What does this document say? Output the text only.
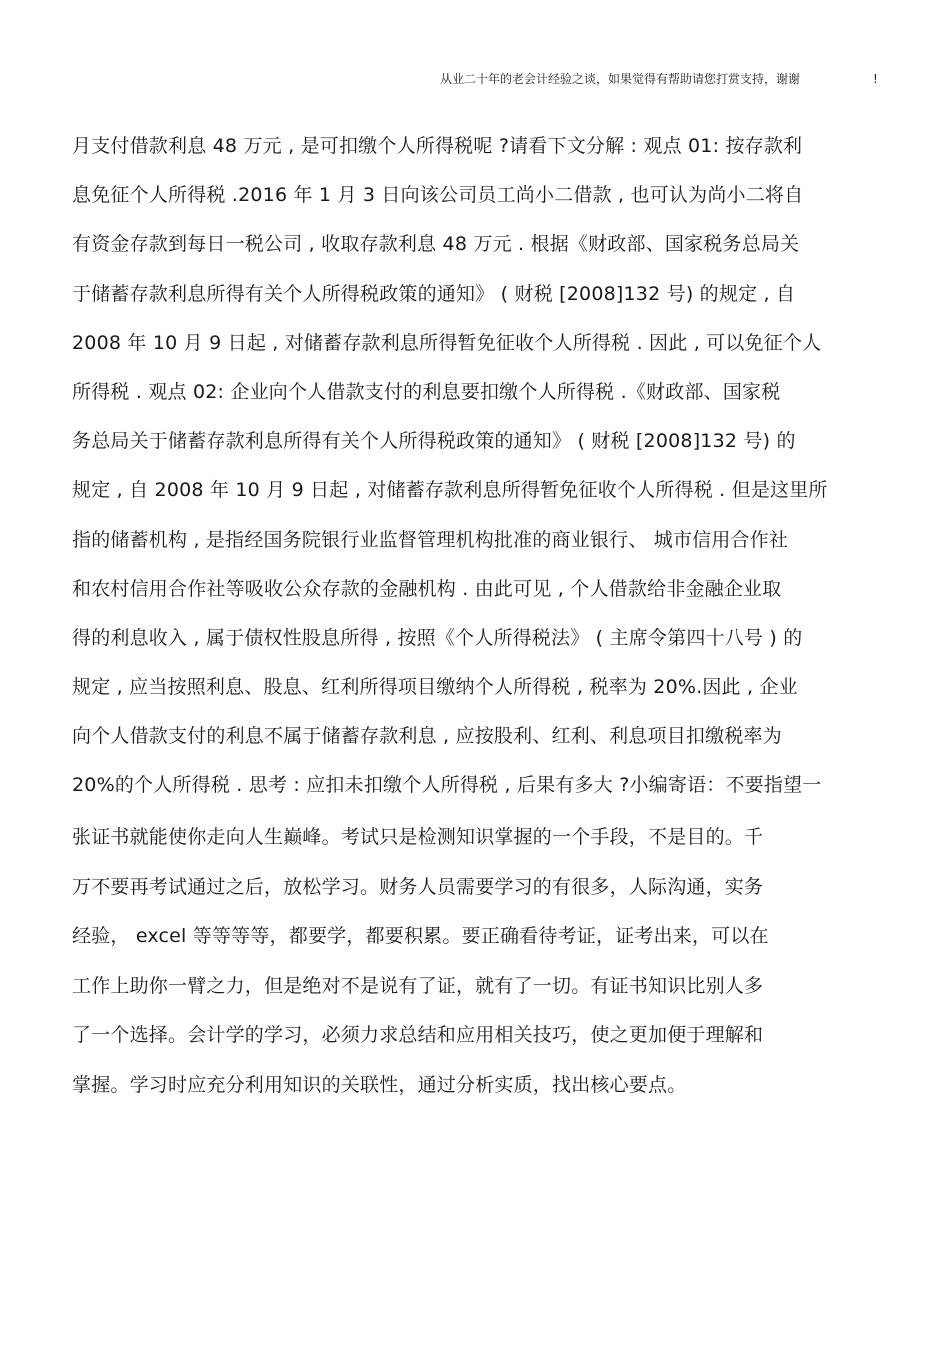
从业二十年的老会计经验之谈，如果觉得有帮助请您打赏支持，谢谢	!
月支付借款利息 48 万元 , 是可扣缴个人所得税呢 ?请看下文分解 : 观点 01: 按存款利
息免征个人所得税 .2016 年 1 月 3 日向该公司员工尚小二借款 , 也可认为尚小二将自
有资金存款到每日一税公司 , 收取存款利息 48 万元 . 根据《财政部、国家税务总局关
于储蓄存款利息所得有关个人所得税政策的通知》 ( 财税 [2008]132 号) 的规定 , 自
2008 年 10 月 9 日起 , 对储蓄存款利息所得暂免征收个人所得税 . 因此 , 可以免征个人
所得税 . 观点 02: 企业向个人借款支付的利息要扣缴个人所得税 .《财政部、国家税
务总局关于储蓄存款利息所得有关个人所得税政策的通知》 ( 财税 [2008]132 号) 的
规定 , 自 2008 年 10 月 9 日起 , 对储蓄存款利息所得暂免征收个人所得税 . 但是这里所
指的储蓄机构 , 是指经国务院银行业监督管理机构批准的商业银行、 城市信用合作社
和农村信用合作社等吸收公众存款的金融机构 . 由此可见 , 个人借款给非金融企业取
得的利息收入 , 属于债权性股息所得 , 按照《个人所得税法》 ( 主席令第四十八号 ) 的
规定 , 应当按照利息、股息、红利所得项目缴纳个人所得税 , 税率为 20%.因此 , 企业
向个人借款支付的利息不属于储蓄存款利息 , 应按股利、红利、利息项目扣缴税率为
20%的个人所得税 . 思考 : 应扣未扣缴个人所得税 , 后果有多大 ?小编寄语：不要指望一
张证书就能使你走向人生巅峰。考试只是检测知识掌握的一个手段，不是目的。千
万不要再考试通过之后，放松学习。财务人员需要学习的有很多，人际沟通，实务
经验， excel 等等等等，都要学，都要积累。要正确看待考证，证考出来，可以在
工作上助你一臂之力，但是绝对不是说有了证，就有了一切。有证书知识比别人多
了一个选择。会计学的学习，必须力求总结和应用相关技巧，使之更加便于理解和
掌握。学习时应充分利用知识的关联性，通过分析实质，找出核心要点。
